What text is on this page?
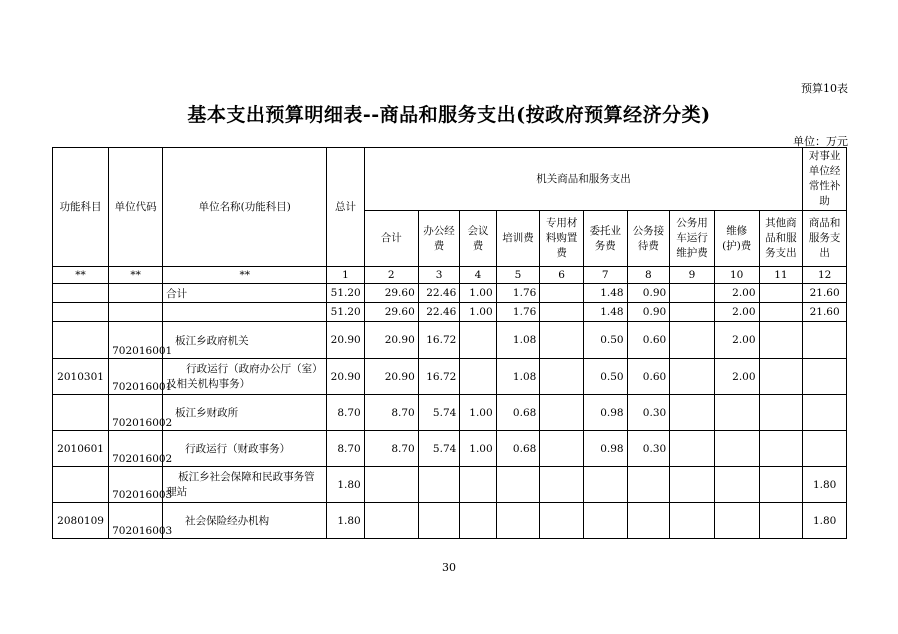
预算10表
基本支出预算明细表--商品和服务支出(按政府预算经济分类)
单位：万元
功能科目	单位代码	单位名称(功能科目)	总计	机关商品和服务支出										对事业单位经常性补助
				合计	办公经费	会议费	培训费	专用材料购置费	委托业务费	公务接待费	公务用车运行维护费	维修(护)费	其他商品和服务支出	商品和服务支出
**	**	**	1	2	3	4	5	6	7	8	9	10	11	12
		合计	51.20	29.60	22.46	1.00	1.76		1.48	0.90		2.00		21.60
			51.20	29.60	22.46	1.00	1.76		1.48	0.90		2.00		21.60
	702016001	板江乡政府机关	20.90	20.90	16.72		1.08		0.50	0.60		2.00		
2010301	702016001	行政运行（政府办公厅（室）及相关机构事务）	20.90	20.90	16.72		1.08		0.50	0.60		2.00		
	702016002	板江乡财政所	8.70	8.70	5.74	1.00	0.68		0.98	0.30				
2010601	702016002	行政运行（财政事务）	8.70	8.70	5.74	1.00	0.68		0.98	0.30				
	702016003	板江乡社会保障和民政事务管理站	1.80											1.80
2080109	702016003	社会保险经办机构	1.80											1.80
30
